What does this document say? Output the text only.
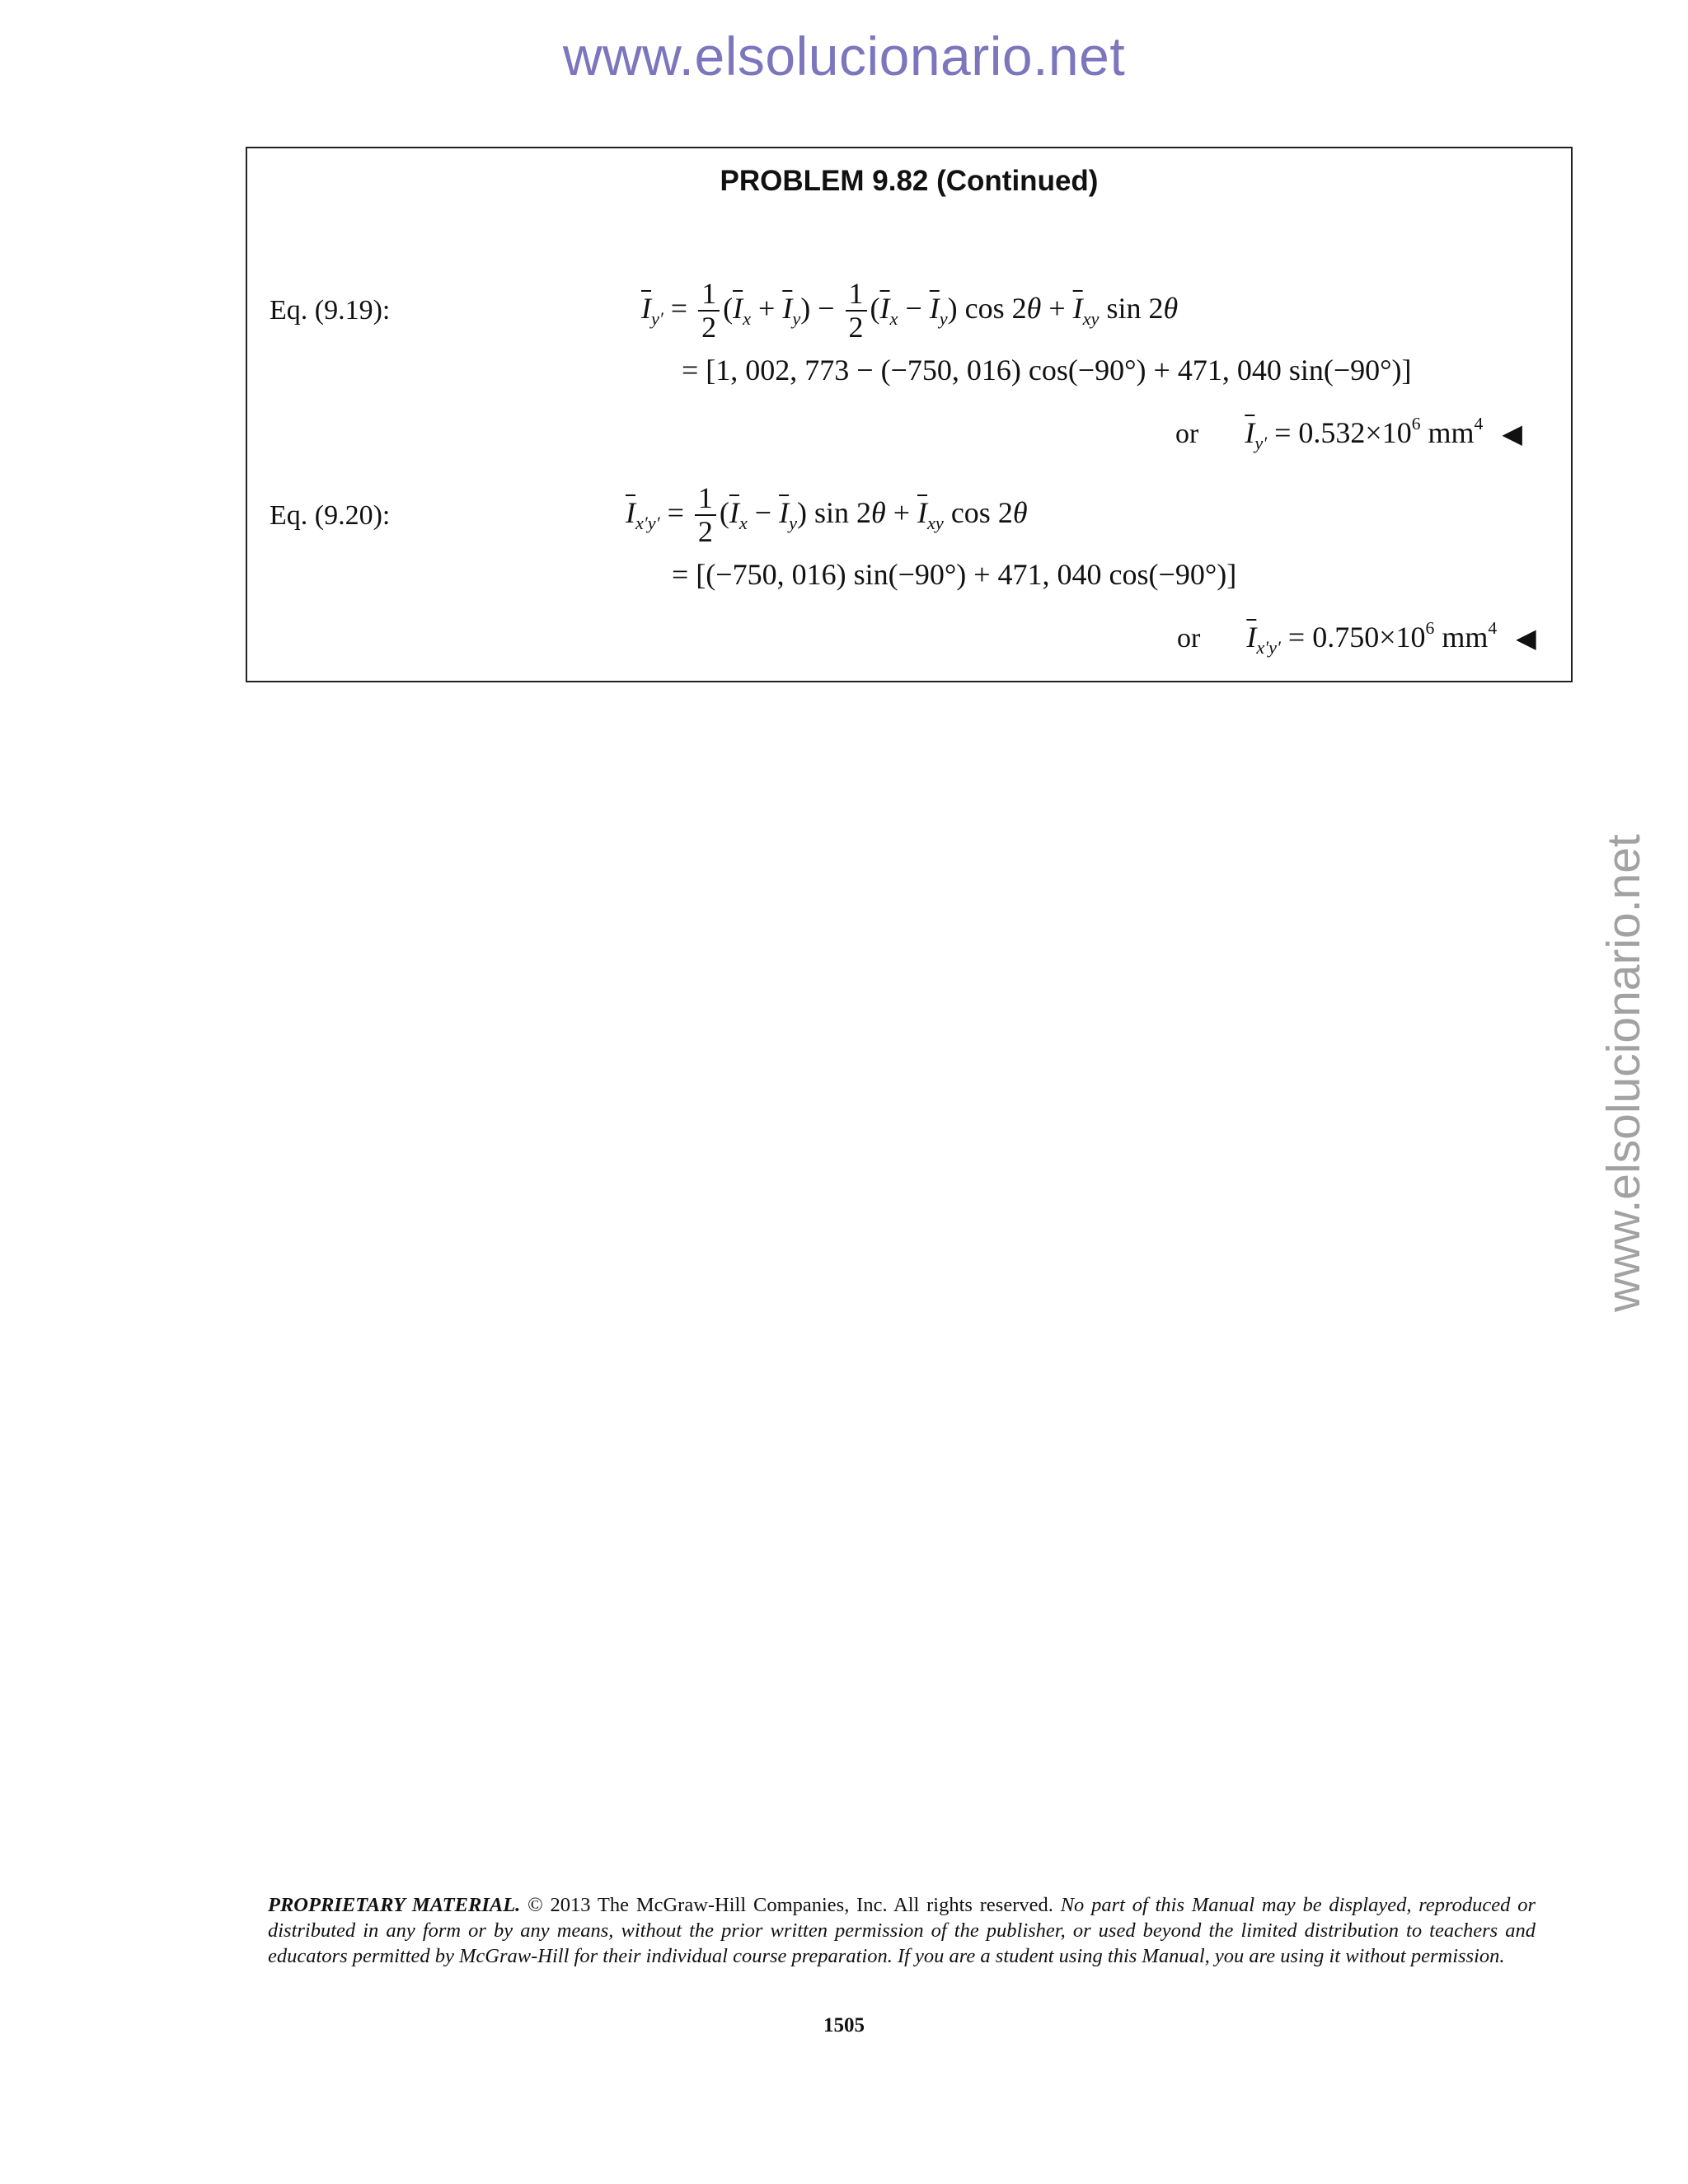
www.elsolucionario.net
www.elsolucionario.net
PROBLEM 9.82 (Continued)
Eq. (9.19):	$\overline{I}_{y'} = \frac{1}{2} (\overline{I}_x + \overline{I}_y) - \frac{1}{2} (\overline{I}_x - \overline{I}_y)$ $\cos 2\theta + \overline{I}_{xy}$ sin 2θ
= [1, 002, 773 − (−750, 016) cos(−90°) + 471, 040 sin(−90°)]
or $\overline{I}_{y'} = 0.532\times 10^6$ $mm^4$ ◀
Eq. (9.20):	$\overline{I}_{x'y'} = \frac{1}{2} (\overline{I}_x - \overline{I}_y)$ $\sin 2\theta + \overline{I}_{xy}$ cos 2θ
= [(−750, 016) sin(−90°) + 471, 040 cos(−90°)]
or $\overline{I}_{x'y'} = 0.750\times 10^6$ $mm^4$ ◀
PROPRIETARY MATERIAL. © 2013 The McGraw-Hill Companies, Inc. All rights reserved. No part of this Manual may be displayed, reproduced or distributed in any form or by any means, without the prior written permission of the publisher, or used beyond the limited distribution to teachers and educators permitted by McGraw-Hill for their individual course preparation. If you are a student using this Manual, you are using it without permission.
1505
